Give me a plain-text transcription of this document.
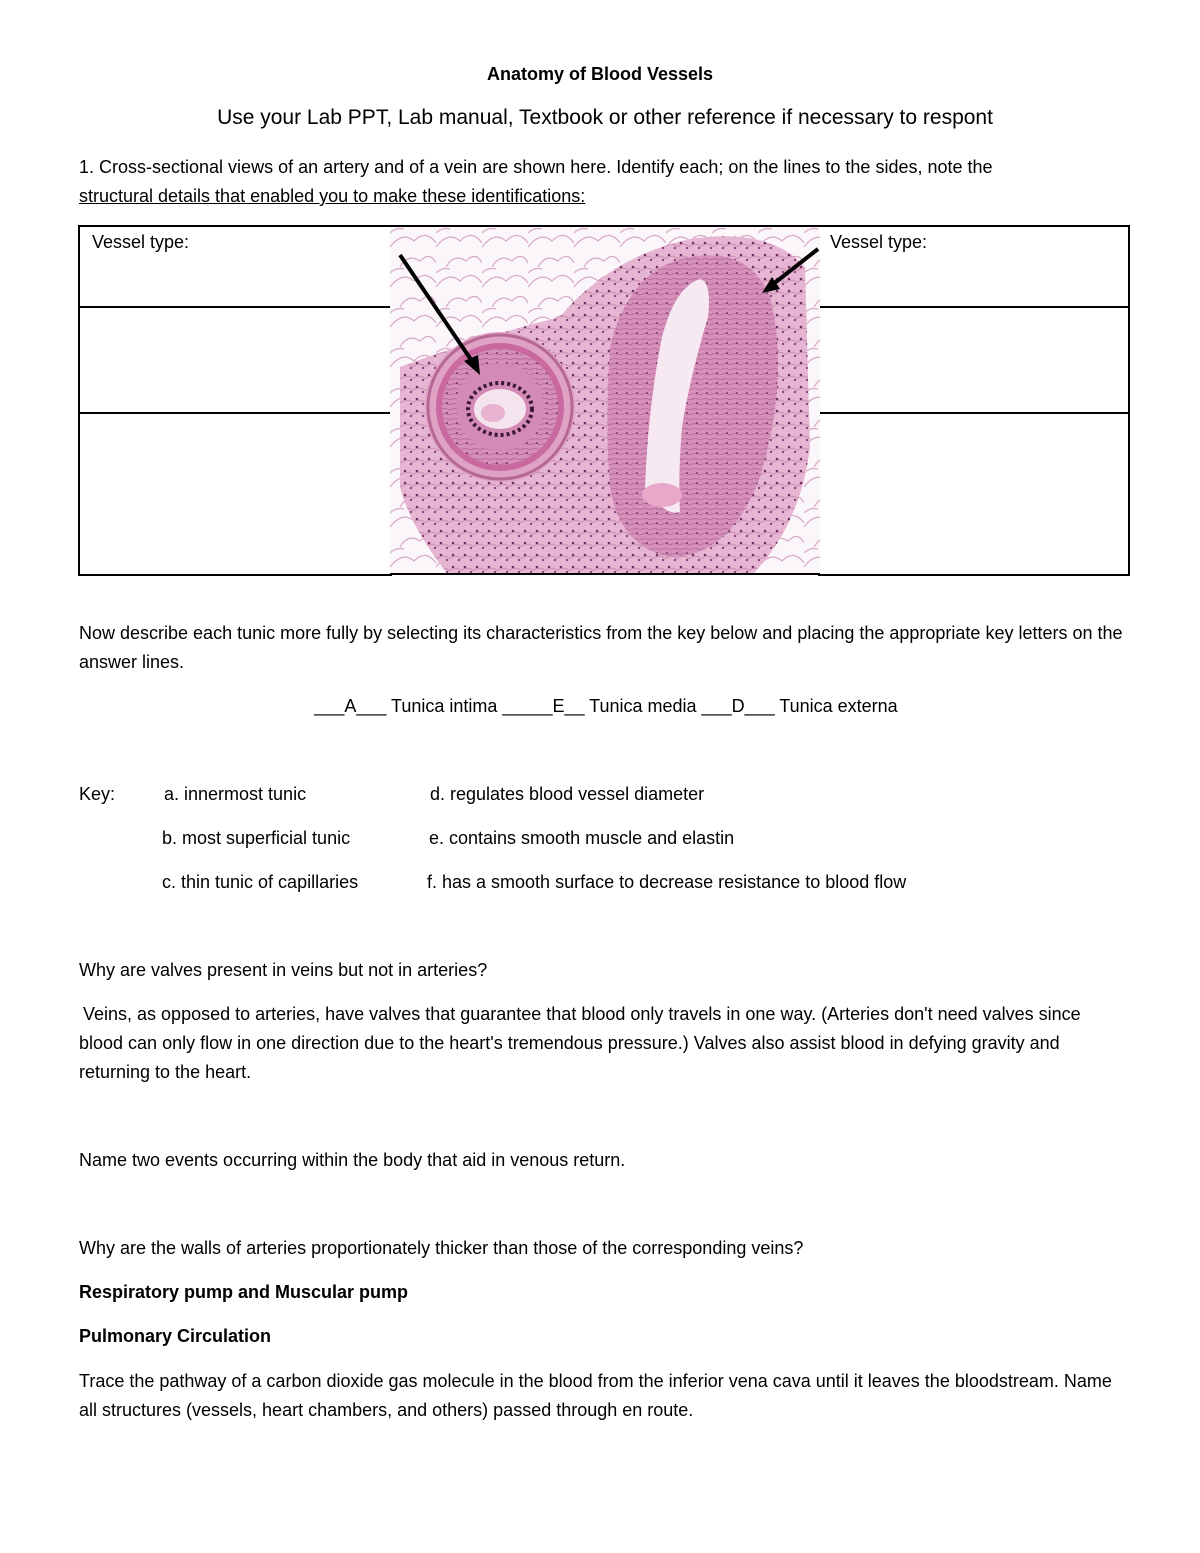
Anatomy of Blood Vessels
Use your Lab PPT, Lab manual, Textbook or other reference if necessary to respont
1. Cross-sectional views of an artery and of a vein are shown here. Identify each; on the lines to the sides, note the
structural details that enabled you to make these identifications:
Vessel type:	Vessel type:
Now describe each tunic more fully by selecting its characteristics from the key below and placing the appropriate key letters on the answer lines.
___A___ Tunica intima _____E__ Tunica media ___D___ Tunica externa
Key:	a. innermost tunic
b. most superficial tunic
c. thin tunic of capillaries
d. regulates blood vessel diameter
e. contains smooth muscle and elastin
f. has a smooth surface to decrease resistance to blood flow
Why are valves present in veins but not in arteries?
Veins, as opposed to arteries, have valves that guarantee that blood only travels in one way. (Arteries don't need valves since blood can only flow in one direction due to the heart's tremendous pressure.) Valves also assist blood in defying gravity and returning to the heart.
Name two events occurring within the body that aid in venous return.
Why are the walls of arteries proportionately thicker than those of the corresponding veins?
Respiratory pump and Muscular pump
Pulmonary Circulation
Trace the pathway of a carbon dioxide gas molecule in the blood from the inferior vena cava until it leaves the bloodstream. Name all structures (vessels, heart chambers, and others) passed through en route.
